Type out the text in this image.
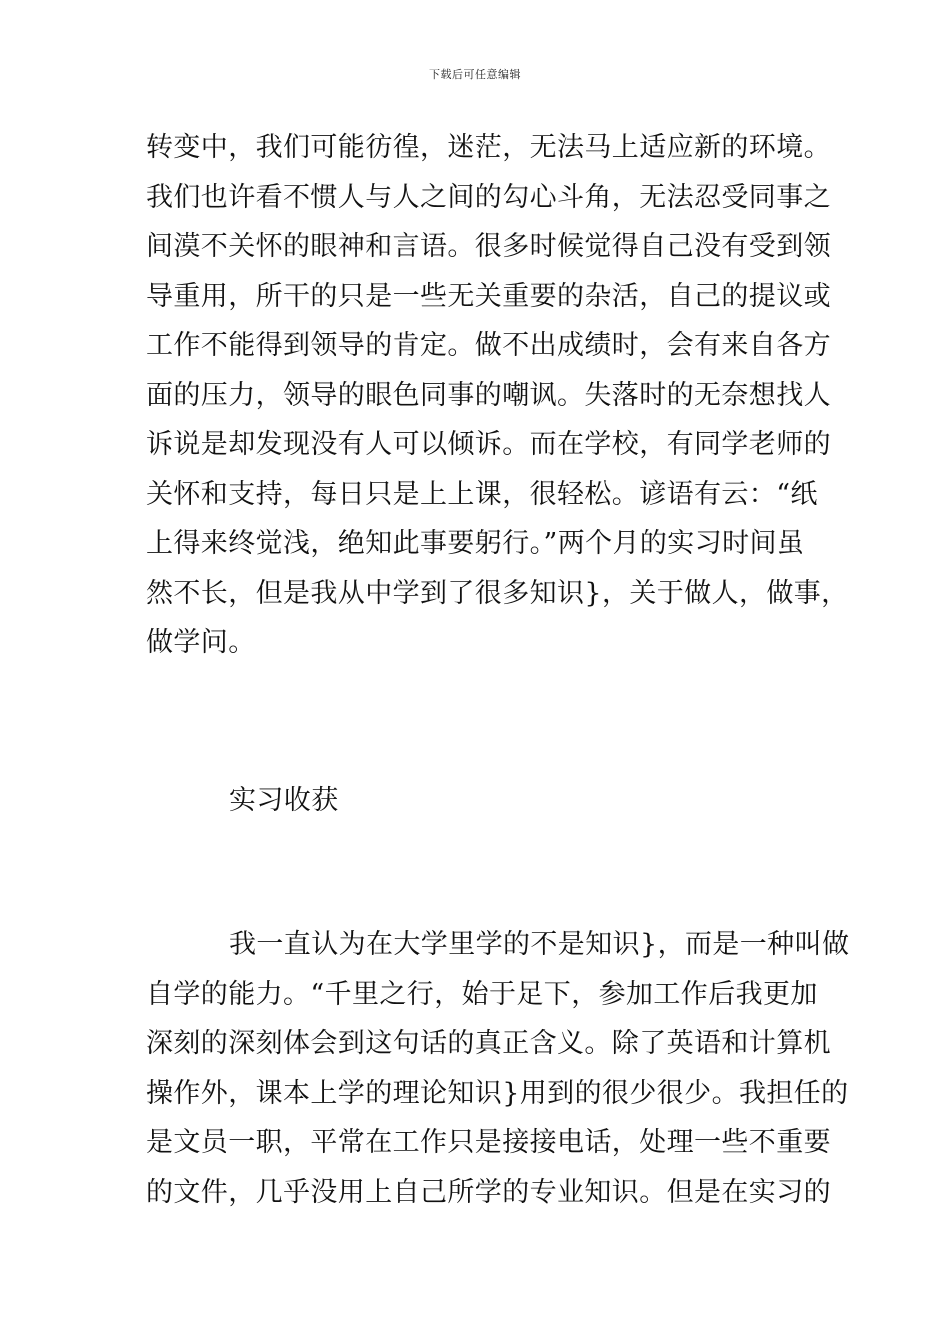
下载后可任意编辑
转变中，我们可能彷徨，迷茫，无法马上适应新的环境。
我们也许看不惯人与人之间的勾心斗角，无法忍受同事之
间漠不关怀的眼神和言语。很多时候觉得自己没有受到领
导重用，所干的只是一些无关重要的杂活，自己的提议或
工作不能得到领导的肯定。做不出成绩时，会有来自各方
面的压力，领导的眼色同事的嘲讽。失落时的无奈想找人
诉说是却发现没有人可以倾诉。而在学校，有同学老师的
关怀和支持，每日只是上上课，很轻松。谚语有云：“纸
上得来终觉浅，绝知此事要躬行。”两个月的实习时间虽
然不长，但是我从中学到了很多知识}，关于做人，做事，
做学问。
实习收获
我一直认为在大学里学的不是知识}，而是一种叫做
自学的能力。“千里之行，始于足下，参加工作后我更加
深刻的深刻体会到这句话的真正含义。除了英语和计算机
操作外，课本上学的理论知识}用到的很少很少。我担任的
是文员一职，平常在工作只是接接电话，处理一些不重要
的文件，几乎没用上自己所学的专业知识。但是在实习的
